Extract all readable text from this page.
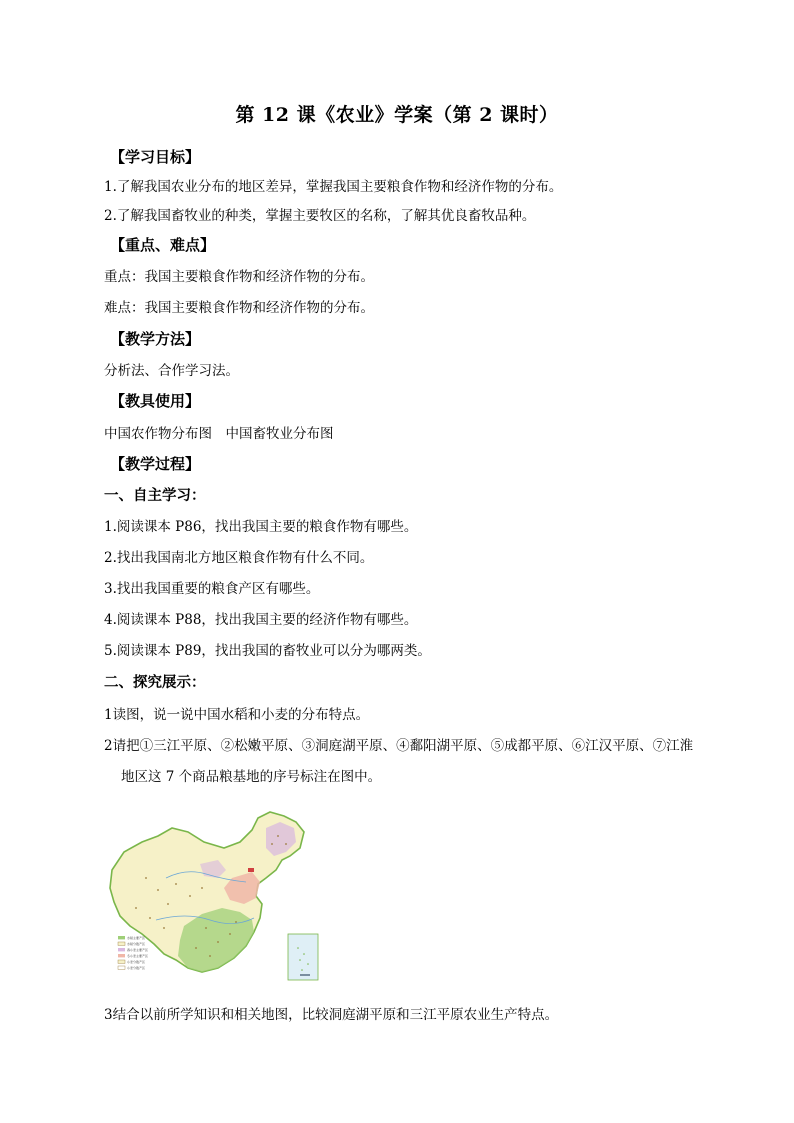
第 12 课《农业》学案（第 2 课时）
【学习目标】
1.了解我国农业分布的地区差异，掌握我国主要粮食作物和经济作物的分布。
2.了解我国畜牧业的种类，掌握主要牧区的名称，了解其优良畜牧品种。
【重点、难点】
重点：我国主要粮食作物和经济作物的分布。
难点：我国主要粮食作物和经济作物的分布。
【教学方法】
分析法、合作学习法。
【教具使用】
中国农作物分布图　中国畜牧业分布图
【教学过程】
一、自主学习：
1.阅读课本 P86，找出我国主要的粮食作物有哪些。
2.找出我国南北方地区粮食作物有什么不同。
3.找出我国重要的粮食产区有哪些。
4.阅读课本 P88，找出我国主要的经济作物有哪些。
5.阅读课本 P89，找出我国的畜牧业可以分为哪两类。
二、探究展示：
1读图，说一说中国水稻和小麦的分布特点。
2请把①三江平原、②松嫩平原、③洞庭湖平原、④鄱阳湖平原、⑤成都平原、⑥江汉平原、⑦江淮
地区这 7 个商品粮基地的序号标注在图中。
水稻主要产区
水稻分散产区
春小麦主要产区
冬小麦主要产区
小麦分散产区
小麦分散产区
3结合以前所学知识和相关地图，比较洞庭湖平原和三江平原农业生产特点。
